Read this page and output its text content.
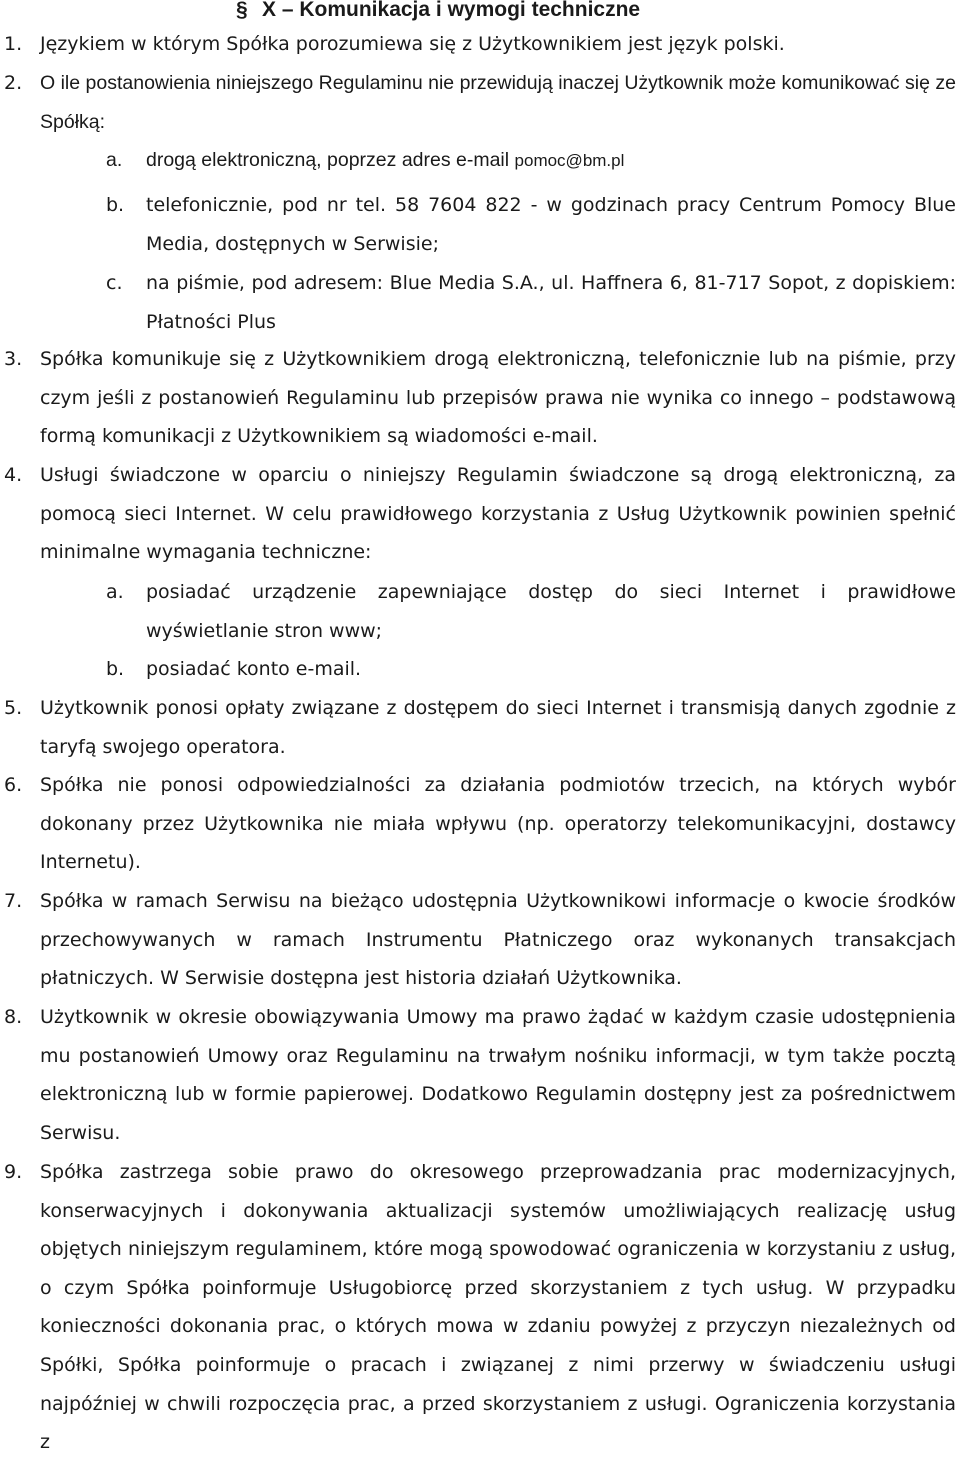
§ X – Komunikacja i wymogi techniczne
1. Językiem w którym Spółka porozumiewa się z Użytkownikiem jest język polski.
2. O ile postanowienia niniejszego Regulaminu nie przewidują inaczej Użytkownik może komunikować się ze Spółką:
a. drogą elektroniczną, poprzez adres e-mail pomoc@bm.pl
b. telefonicznie, pod nr tel. 58 7604 822 - w godzinach pracy Centrum Pomocy Blue Media, dostępnych w Serwisie;
c. na piśmie, pod adresem: Blue Media S.A., ul. Haffnera 6, 81-717 Sopot, z dopiskiem: Płatności Plus
3. Spółka komunikuje się z Użytkownikiem drogą elektroniczną, telefonicznie lub na piśmie, przy czym jeśli z postanowień Regulaminu lub przepisów prawa nie wynika co innego – podstawową formą komunikacji z Użytkownikiem są wiadomości e-mail.
4. Usługi świadczone w oparciu o niniejszy Regulamin świadczone są drogą elektroniczną, za pomocą sieci Internet. W celu prawidłowego korzystania z Usług Użytkownik powinien spełnić minimalne wymagania techniczne:
a. posiadać urządzenie zapewniające dostęp do sieci Internet i prawidłowe wyświetlanie stron www;
b. posiadać konto e-mail.
5. Użytkownik ponosi opłaty związane z dostępem do sieci Internet i transmisją danych zgodnie z taryfą swojego operatora.
6. Spółka nie ponosi odpowiedzialności za działania podmiotów trzecich, na których wybór dokonany przez Użytkownika nie miała wpływu (np. operatorzy telekomunikacyjni, dostawcy Internetu).
7. Spółka w ramach Serwisu na bieżąco udostępnia Użytkownikowi informacje o kwocie środków przechowywanych w ramach Instrumentu Płatniczego oraz wykonanych transakcjach płatniczych. W Serwisie dostępna jest historia działań Użytkownika.
8. Użytkownik w okresie obowiązywania Umowy ma prawo żądać w każdym czasie udostępnienia mu postanowień Umowy oraz Regulaminu na trwałym nośniku informacji, w tym także pocztą elektroniczną lub w formie papierowej. Dodatkowo Regulamin dostępny jest za pośrednictwem Serwisu.
9. Spółka zastrzega sobie prawo do okresowego przeprowadzania prac modernizacyjnych, konserwacyjnych i dokonywania aktualizacji systemów umożliwiających realizację usług objętych niniejszym regulaminem, które mogą spowodować ograniczenia w korzystaniu z usług, o czym Spółka poinformuje Usługobiorcę przed skorzystaniem z tych usług. W przypadku konieczności dokonania prac, o których mowa w zdaniu powyżej z przyczyn niezależnych od Spółki, Spółka poinformuje o pracach i związanej z nimi przerwy w świadczeniu usługi najpóźniej w chwili rozpoczęcia prac, a przed skorzystaniem z usługi. Ograniczenia korzystania z
